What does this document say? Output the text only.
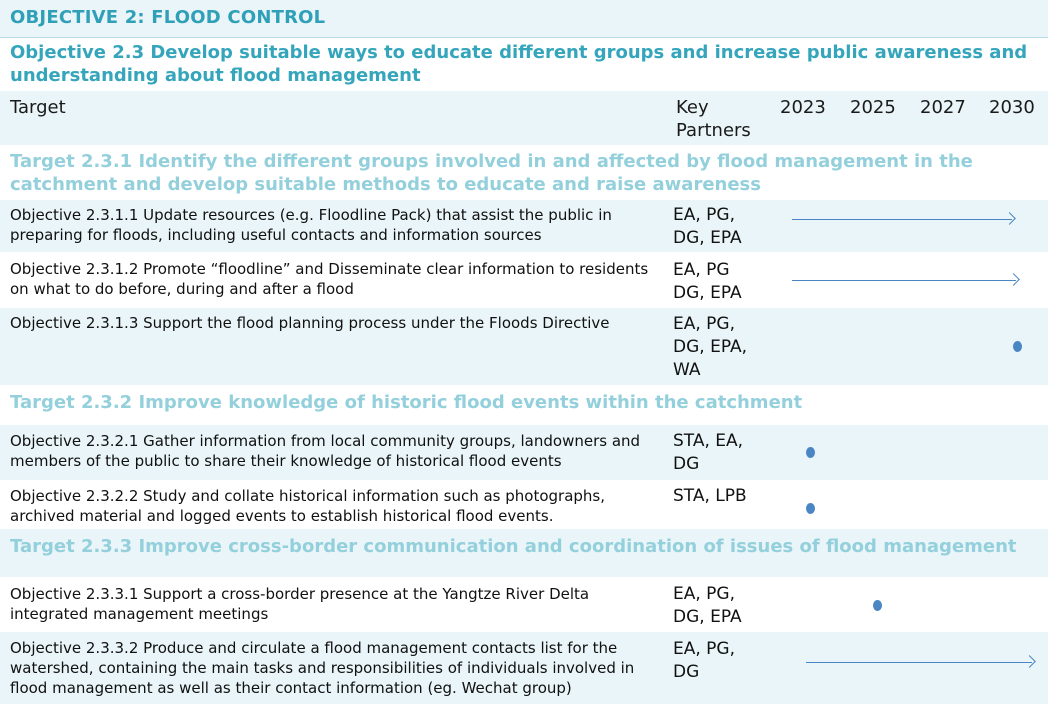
OBJECTIVE 2: FLOOD CONTROL
Objective 2.3 Develop suitable ways to educate different groups and increase public awareness and understanding about flood management
Target	Key
Partners
2023 2025 2027 2030
Target 2.3.1 Identify the different groups involved in and affected by flood management in the catchment and develop suitable methods to educate and raise awareness
Objective 2.3.1.1 Update resources (e.g. Floodline Pack) that assist the public in preparing for floods, including useful contacts and information sources
EA, PG,
DG, EPA
Objective 2.3.1.2 Promote “floodline” and Disseminate clear information to residents on what to do before, during and after a flood
EA, PG
DG, EPA
Objective 2.3.1.3 Support the flood planning process under the Floods Directive	EA, PG,
DG, EPA,
WA
Target 2.3.2 Improve knowledge of historic flood events within the catchment
Objective 2.3.2.1 Gather information from local community groups, landowners and members of the public to share their knowledge of historical flood events
STA, EA,
DG
Objective 2.3.2.2 Study and collate historical information such as photographs, archived material and logged events to establish historical flood events.
STA, LPB
Target 2.3.3 Improve cross-border communication and coordination of issues of flood management
Objective 2.3.3.1 Support a cross-border presence at the Yangtze River Delta integrated management meetings
EA, PG,
DG, EPA
Objective 2.3.3.2 Produce and circulate a flood management contacts list for the watershed, containing the main tasks and responsibilities of individuals involved in flood management as well as their contact information (eg. Wechat group)
EA, PG,
DG
